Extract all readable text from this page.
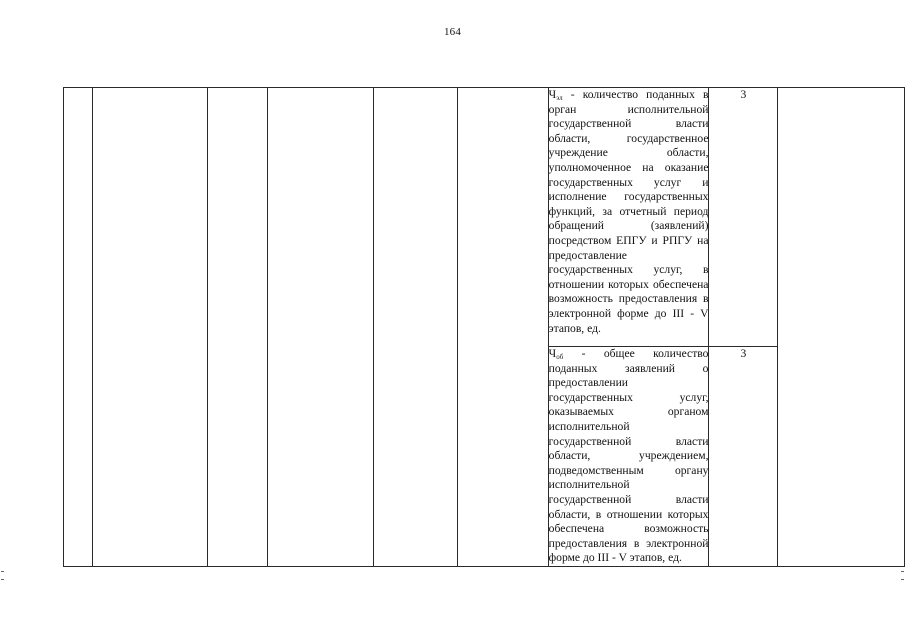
164
						$Ч_{эл}$ - количество поданных в орган исполнительной государственной власти области, государственное учреждение области, уполномоченное на оказание государственных услуг и исполнение государственных функций, за отчетный период обращений (заявлений) посредством ЕПГУ и РПГУ на предоставление государственных услуг, в отношении которых обеспечена возможность предоставления в электронной форме до III - V этапов, ед.	3	
						$Ч_{об}$ - общее количество поданных заявлений о предоставлении государственных услуг, оказываемых органом исполнительной государственной власти области, учреждением, подведомственным органу исполнительной государственной власти области, в отношении которых обеспечена возможность предоставления в электронной форме до III - V этапов, ед.	3	
